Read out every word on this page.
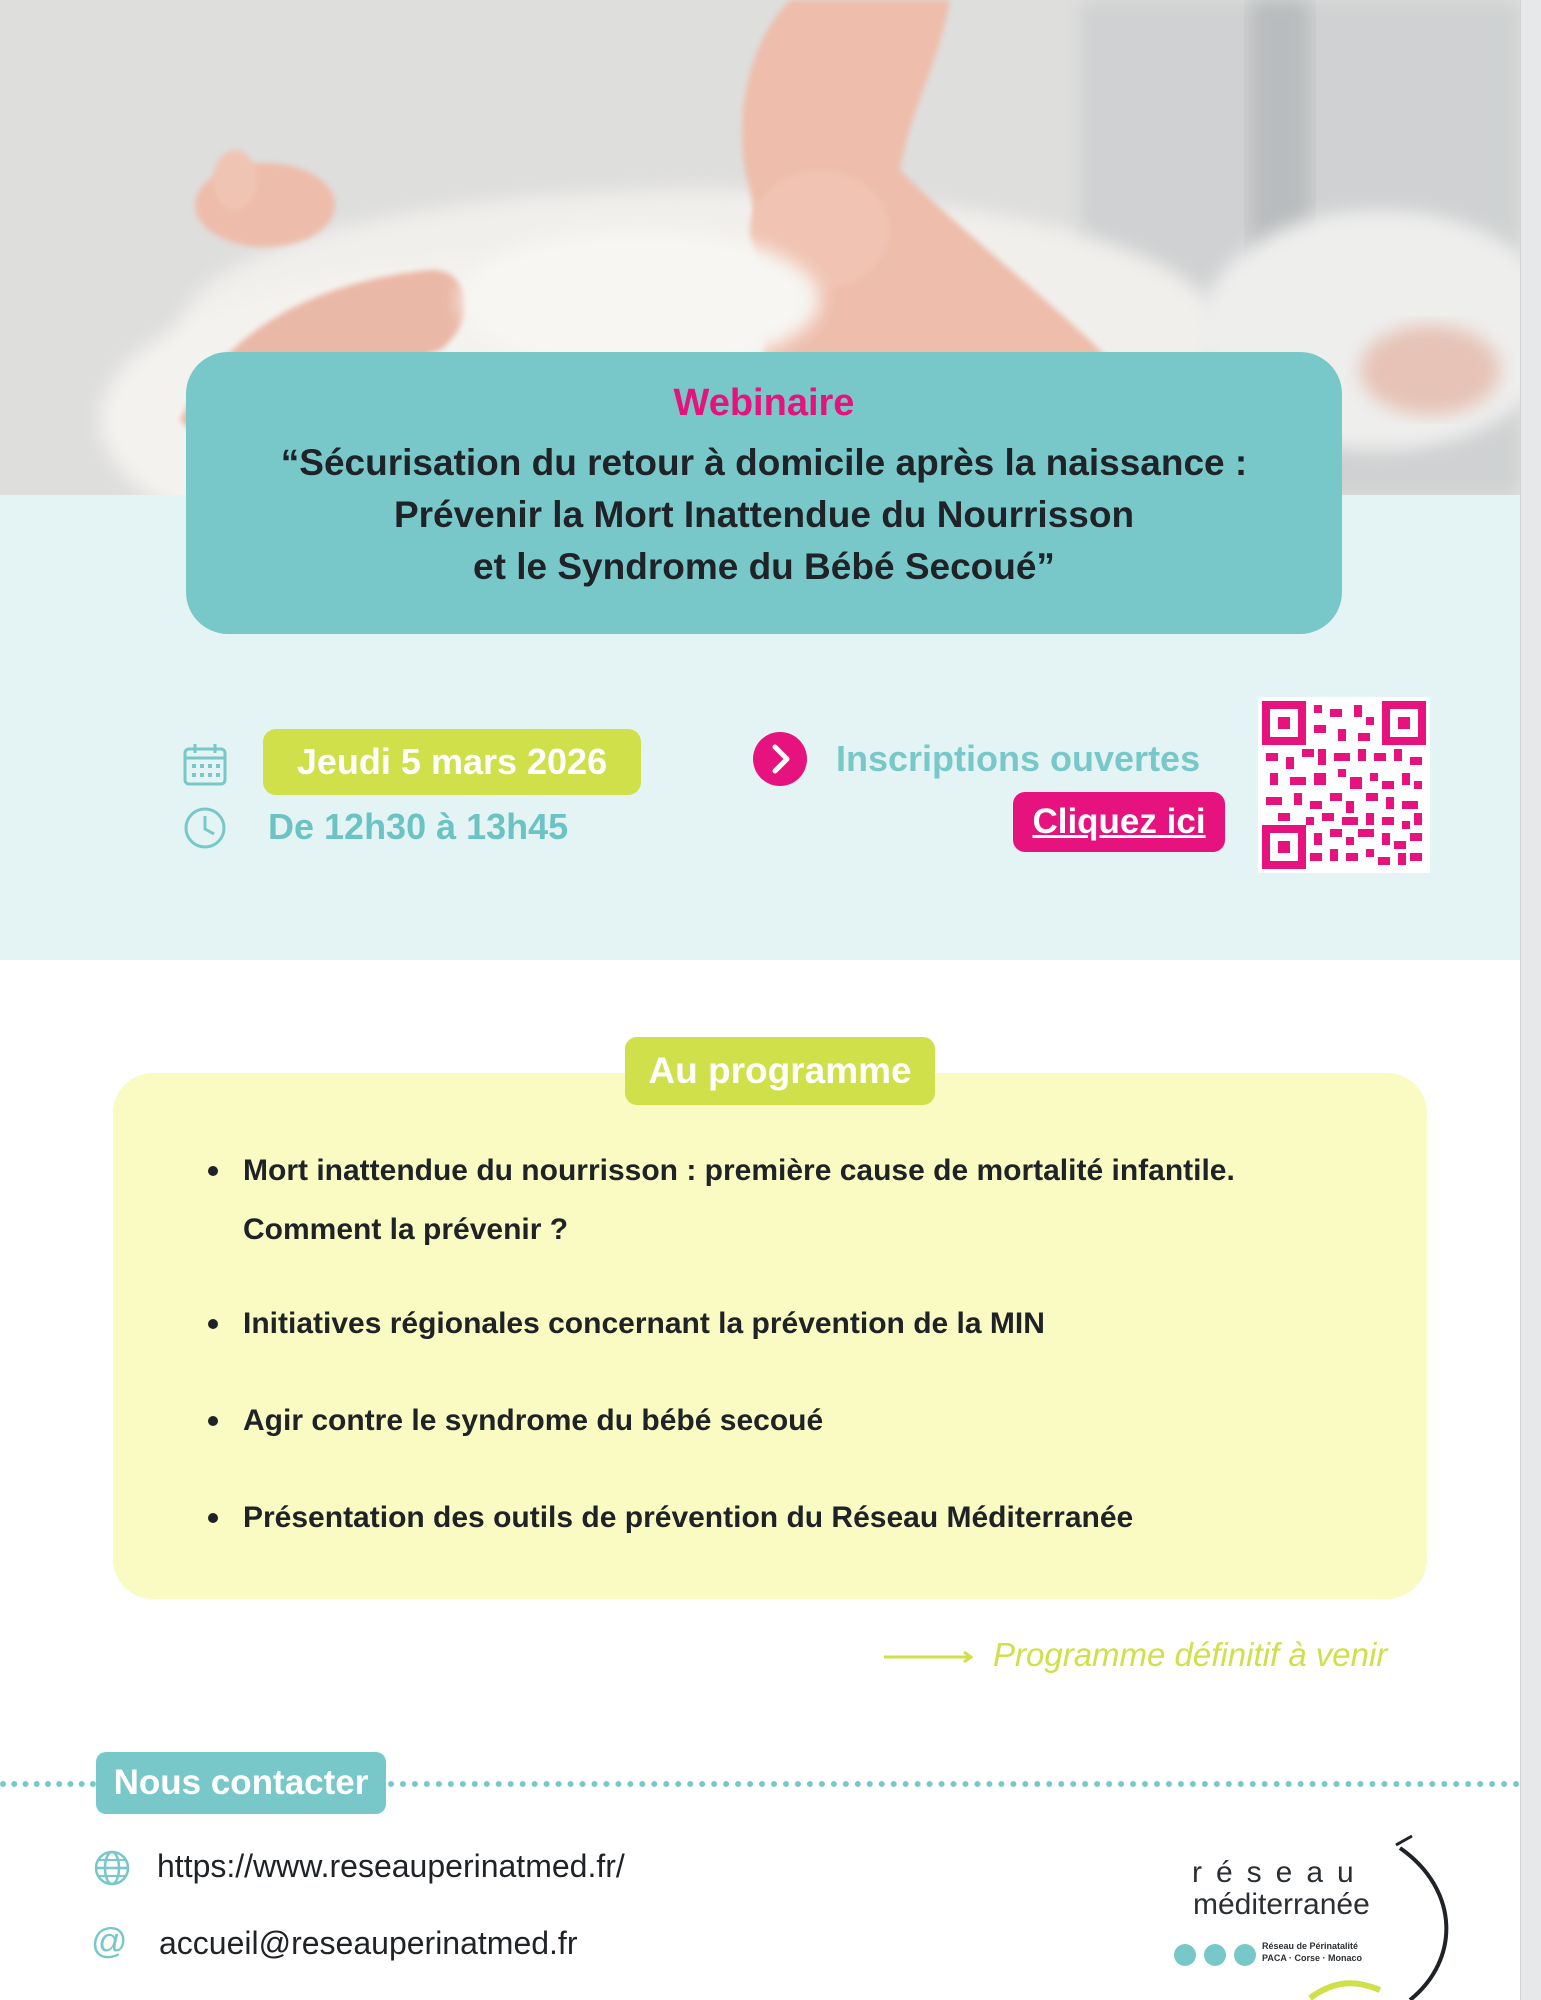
Webinaire
“Sécurisation du retour à domicile après la naissance :
Prévenir la Mort Inattendue du Nourrisson
et le Syndrome du Bébé Secoué”
Jeudi 5 mars 2026
De 12h30 à 13h45
Inscriptions ouvertes
Cliquez ici
Au programme
Mort inattendue du nourrisson : première cause de mortalité infantile.
Comment la prévenir ?
Initiatives régionales concernant la prévention de la MIN
Agir contre le syndrome du bébé secoué
Présentation des outils de prévention du Réseau Méditerranée
Programme définitif à venir
Nous contacter
https://www.reseauperinatmed.fr/
@ accueil@reseauperinatmed.fr
réseau
méditerranée
Réseau de Périnatalité
PACA · Corse · Monaco
